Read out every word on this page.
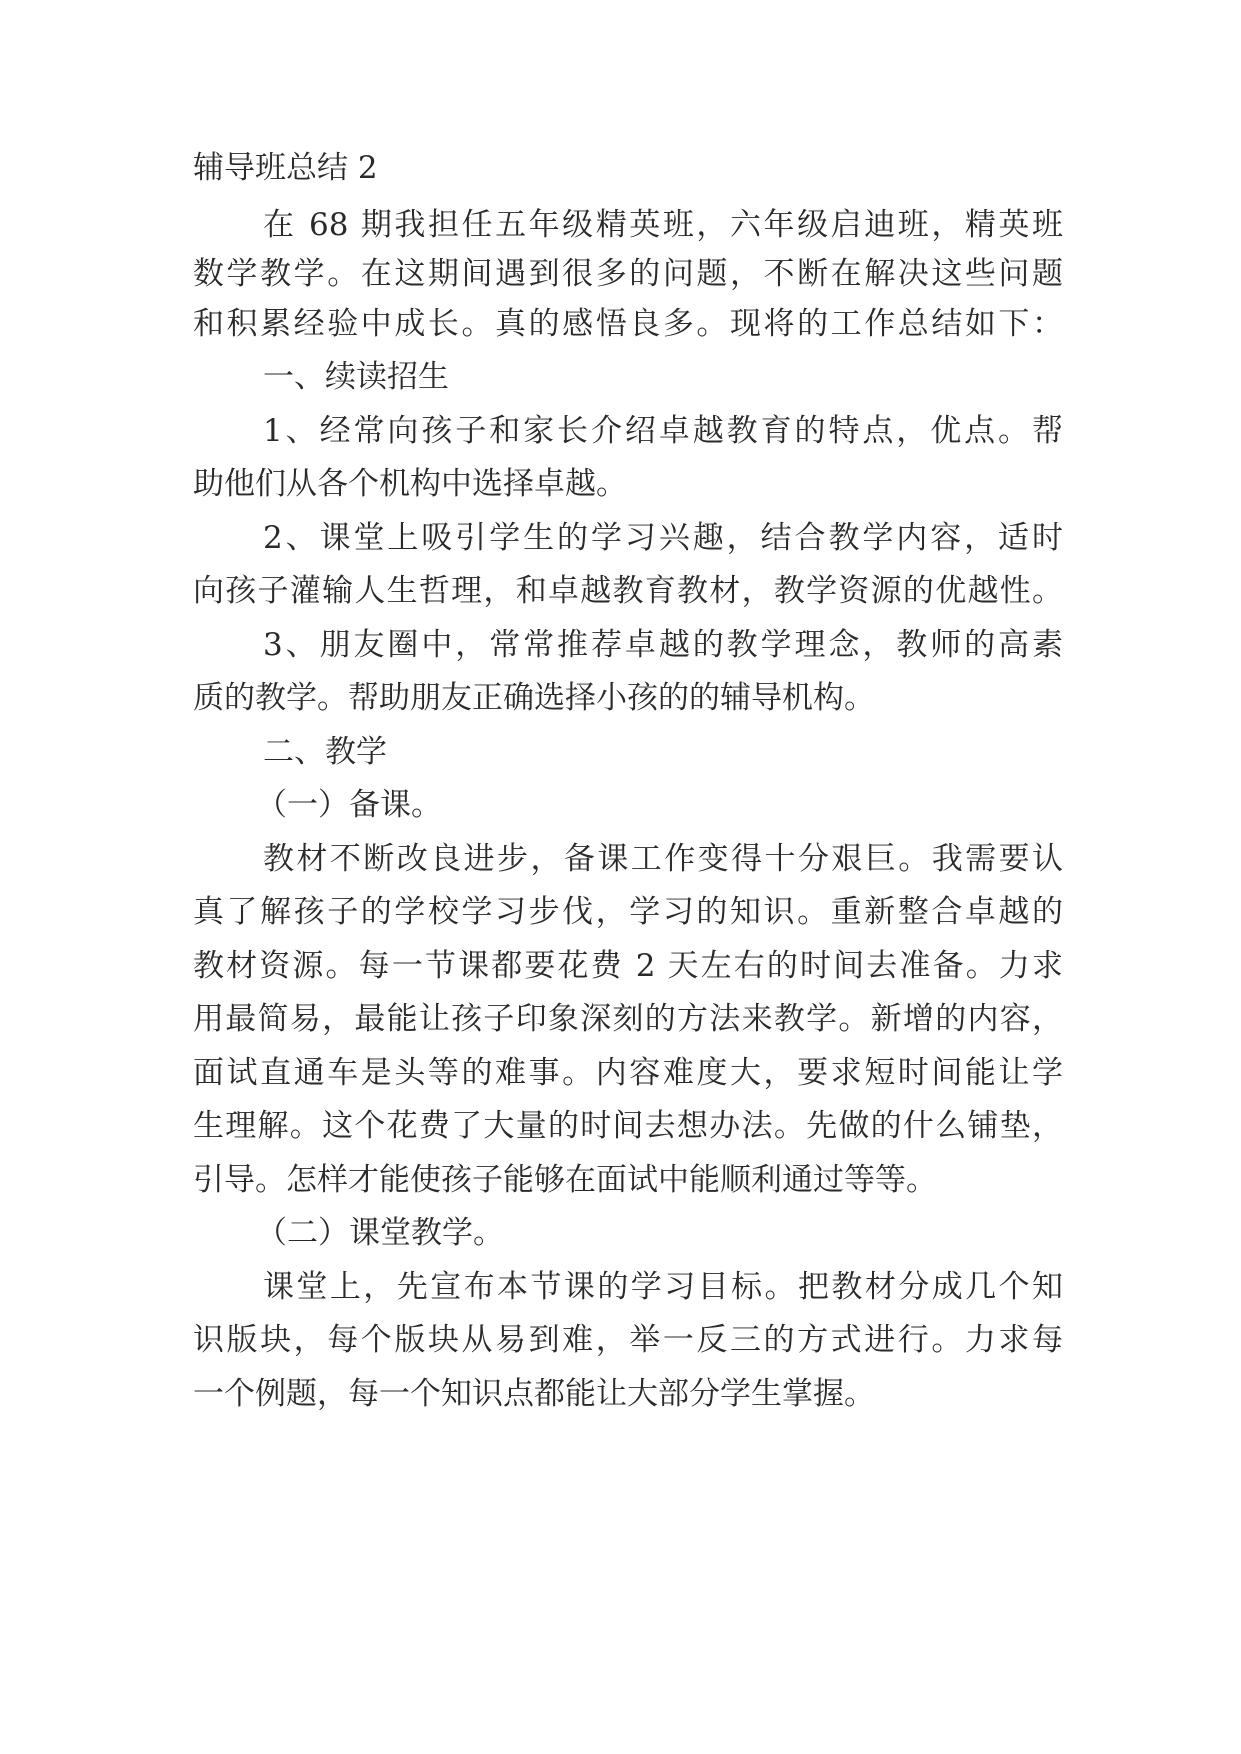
辅导班总结 2
在 68 期我担任五年级精英班，六年级启迪班，精英班
数学教学。在这期间遇到很多的问题，不断在解决这些问题
和积累经验中成长。真的感悟良多。现将的工作总结如下：
一、续读招生
1、经常向孩子和家长介绍卓越教育的特点，优点。帮
助他们从各个机构中选择卓越。
2、课堂上吸引学生的学习兴趣，结合教学内容，适时
向孩子灌输人生哲理，和卓越教育教材，教学资源的优越性。
3、朋友圈中，常常推荐卓越的教学理念，教师的高素
质的教学。帮助朋友正确选择小孩的的辅导机构。
二、教学
（一）备课。
教材不断改良进步，备课工作变得十分艰巨。我需要认
真了解孩子的学校学习步伐，学习的知识。重新整合卓越的
教材资源。每一节课都要花费 2 天左右的时间去准备。力求
用最简易，最能让孩子印象深刻的方法来教学。新增的内容，
面试直通车是头等的难事。内容难度大，要求短时间能让学
生理解。这个花费了大量的时间去想办法。先做的什么铺垫，
引导。怎样才能使孩子能够在面试中能顺利通过等等。
（二）课堂教学。
课堂上，先宣布本节课的学习目标。把教材分成几个知
识版块，每个版块从易到难，举一反三的方式进行。力求每
一个例题，每一个知识点都能让大部分学生掌握。
